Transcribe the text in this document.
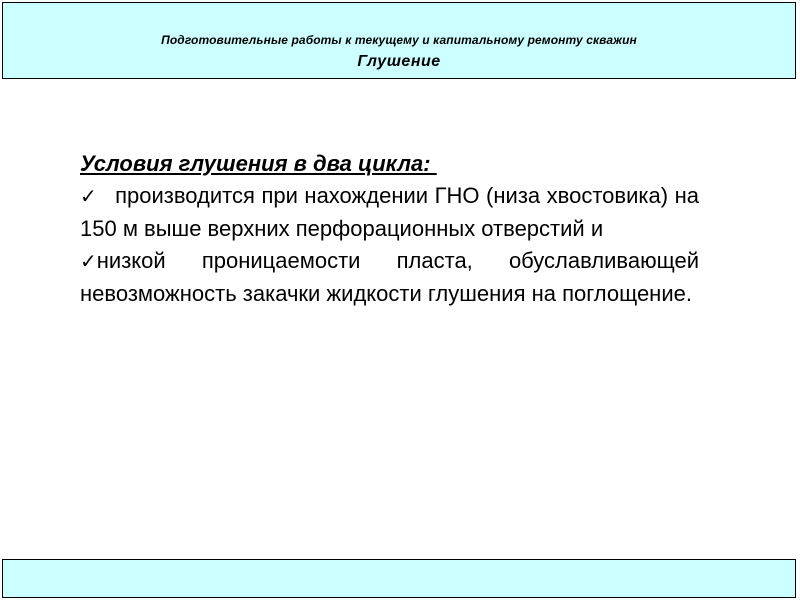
Подготовительные работы к текущему и капитальному ремонту скважин
Глушение
Условия глушения в два цикла:

✓  производится при нахождении ГНО (низа хвостовика) на 150 м выше верхних перфорационных отверстий и

✓низкой проницаемости пласта, обуславливающей невозможность закачки жидкости глушения на поглощение.
